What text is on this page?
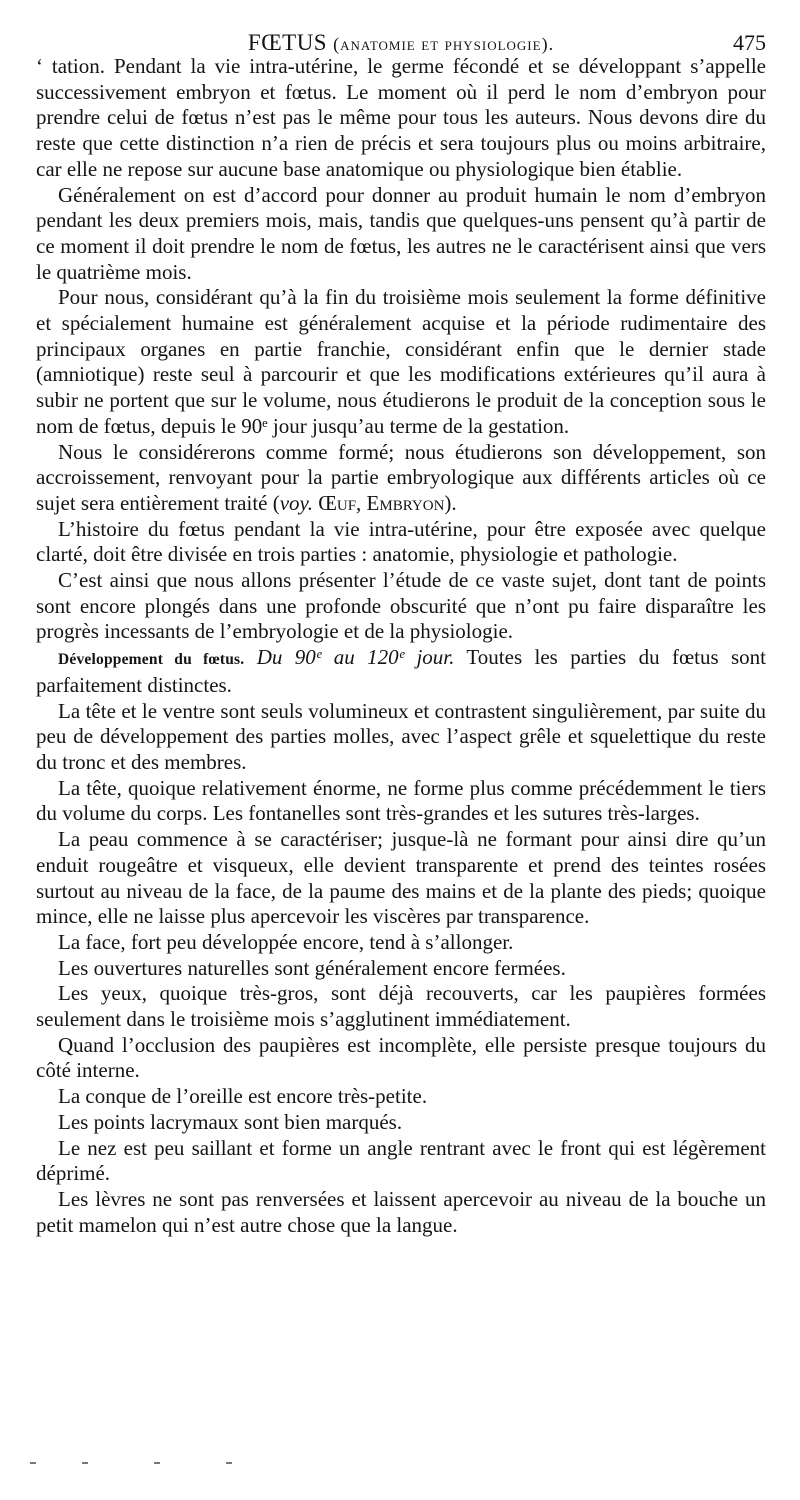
FŒTUS (anatomie et physiologie).	475

‘ tation. Pendant la vie intra-utérine, le germe fécondé et se développant s’appelle successivement embryon et fœtus. Le moment où il perd le nom d’embryon pour prendre celui de fœtus n’est pas le même pour tous les auteurs. Nous devons dire du reste que cette distinction n’a rien de précis et sera toujours plus ou moins arbitraire, car elle ne repose sur aucune base anatomique ou physiologique bien établie.

Généralement on est d’accord pour donner au produit humain le nom d’embryon pendant les deux premiers mois, mais, tandis que quelques-uns pensent qu’à partir de ce moment il doit prendre le nom de fœtus, les autres ne le caractérisent ainsi que vers le quatrième mois.

Pour nous, considérant qu’à la fin du troisième mois seulement la forme définitive et spécialement humaine est généralement acquise et la période rudimentaire des principaux organes en partie franchie, considérant enfin que le dernier stade (amniotique) reste seul à parcourir et que les modifications extérieures qu’il aura à subir ne portent que sur le volume, nous étudierons le produit de la conception sous le nom de fœtus, depuis le 90ᵉ jour jusqu’au terme de la gestation.

Nous le considérerons comme formé; nous étudierons son développement, son accroissement, renvoyant pour la partie embryologique aux différents articles où ce sujet sera entièrement traité (voy. Œuf, Embryon).

L’histoire du fœtus pendant la vie intra-utérine, pour être exposée avec quelque clarté, doit être divisée en trois parties : anatomie, physiologie et pathologie.

C’est ainsi que nous allons présenter l’étude de ce vaste sujet, dont tant de points sont encore plongés dans une profonde obscurité que n’ont pu faire disparaître les progrès incessants de l’embryologie et de la physiologie.

Développement du fœtus. Du 90ᵉ au 120ᵉ jour. Toutes les parties du fœtus sont parfaitement distinctes.

La tête et le ventre sont seuls volumineux et contrastent singulièrement, par suite du peu de développement des parties molles, avec l’aspect grêle et squelettique du reste du tronc et des membres.

La tête, quoique relativement énorme, ne forme plus comme précédemment le tiers du volume du corps. Les fontanelles sont très-grandes et les sutures très-larges.

La peau commence à se caractériser; jusque-là ne formant pour ainsi dire qu’un enduit rougeâtre et visqueux, elle devient transparente et prend des teintes rosées surtout au niveau de la face, de la paume des mains et de la plante des pieds; quoique mince, elle ne laisse plus apercevoir les viscères par transparence.

La face, fort peu développée encore, tend à s’allonger.

Les ouvertures naturelles sont généralement encore fermées.

Les yeux, quoique très-gros, sont déjà recouverts, car les paupières formées seulement dans le troisième mois s’agglutinent immédiatement.

Quand l’occlusion des paupières est incomplète, elle persiste presque toujours du côté interne.

La conque de l’oreille est encore très-petite.

Les points lacrymaux sont bien marqués.

Le nez est peu saillant et forme un angle rentrant avec le front qui est légèrement déprimé.

Les lèvres ne sont pas renversées et laissent apercevoir au niveau de la bouche un petit mamelon qui n’est autre chose que la langue.
